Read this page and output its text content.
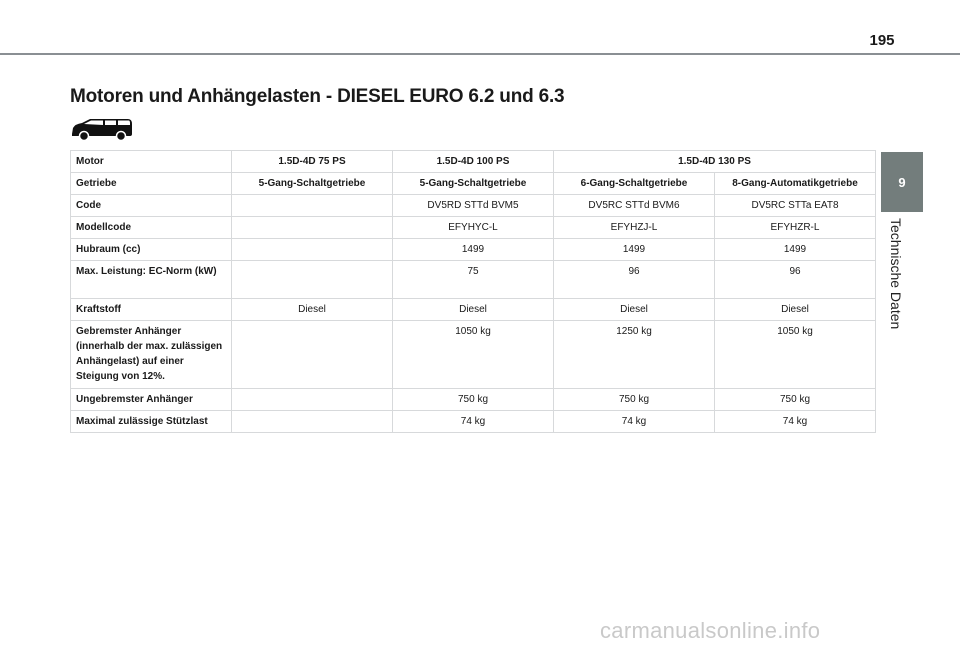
195
Motoren und Anhängelasten - DIESEL EURO 6.2 und 6.3
9
Technische Daten
Motor	1.5D-4D 75 PS	1.5D-4D 100 PS	1.5D-4D 130 PS	
Getriebe	5-Gang-Schaltgetriebe	5-Gang-Schaltgetriebe	6-Gang-Schaltgetriebe	8-Gang-Automatikgetriebe
Code		DV5RD STTd BVM5	DV5RC STTd BVM6	DV5RC STTa EAT8
Modellcode		EFYHYC-L	EFYHZJ-L	EFYHZR-L
Hubraum (cc)		1499	1499	1499
Max. Leistung: EC-Norm (kW)		75	96	96
Kraftstoff	Diesel	Diesel	Diesel	Diesel
Gebremster Anhänger (innerhalb der max. zulässigen Anhängelast) auf einer Steigung von 12%.		1050 kg	1250 kg	1050 kg
Ungebremster Anhänger		750 kg	750 kg	750 kg
Maximal zulässige Stützlast		74 kg	74 kg	74 kg
carmanualsonline.info
